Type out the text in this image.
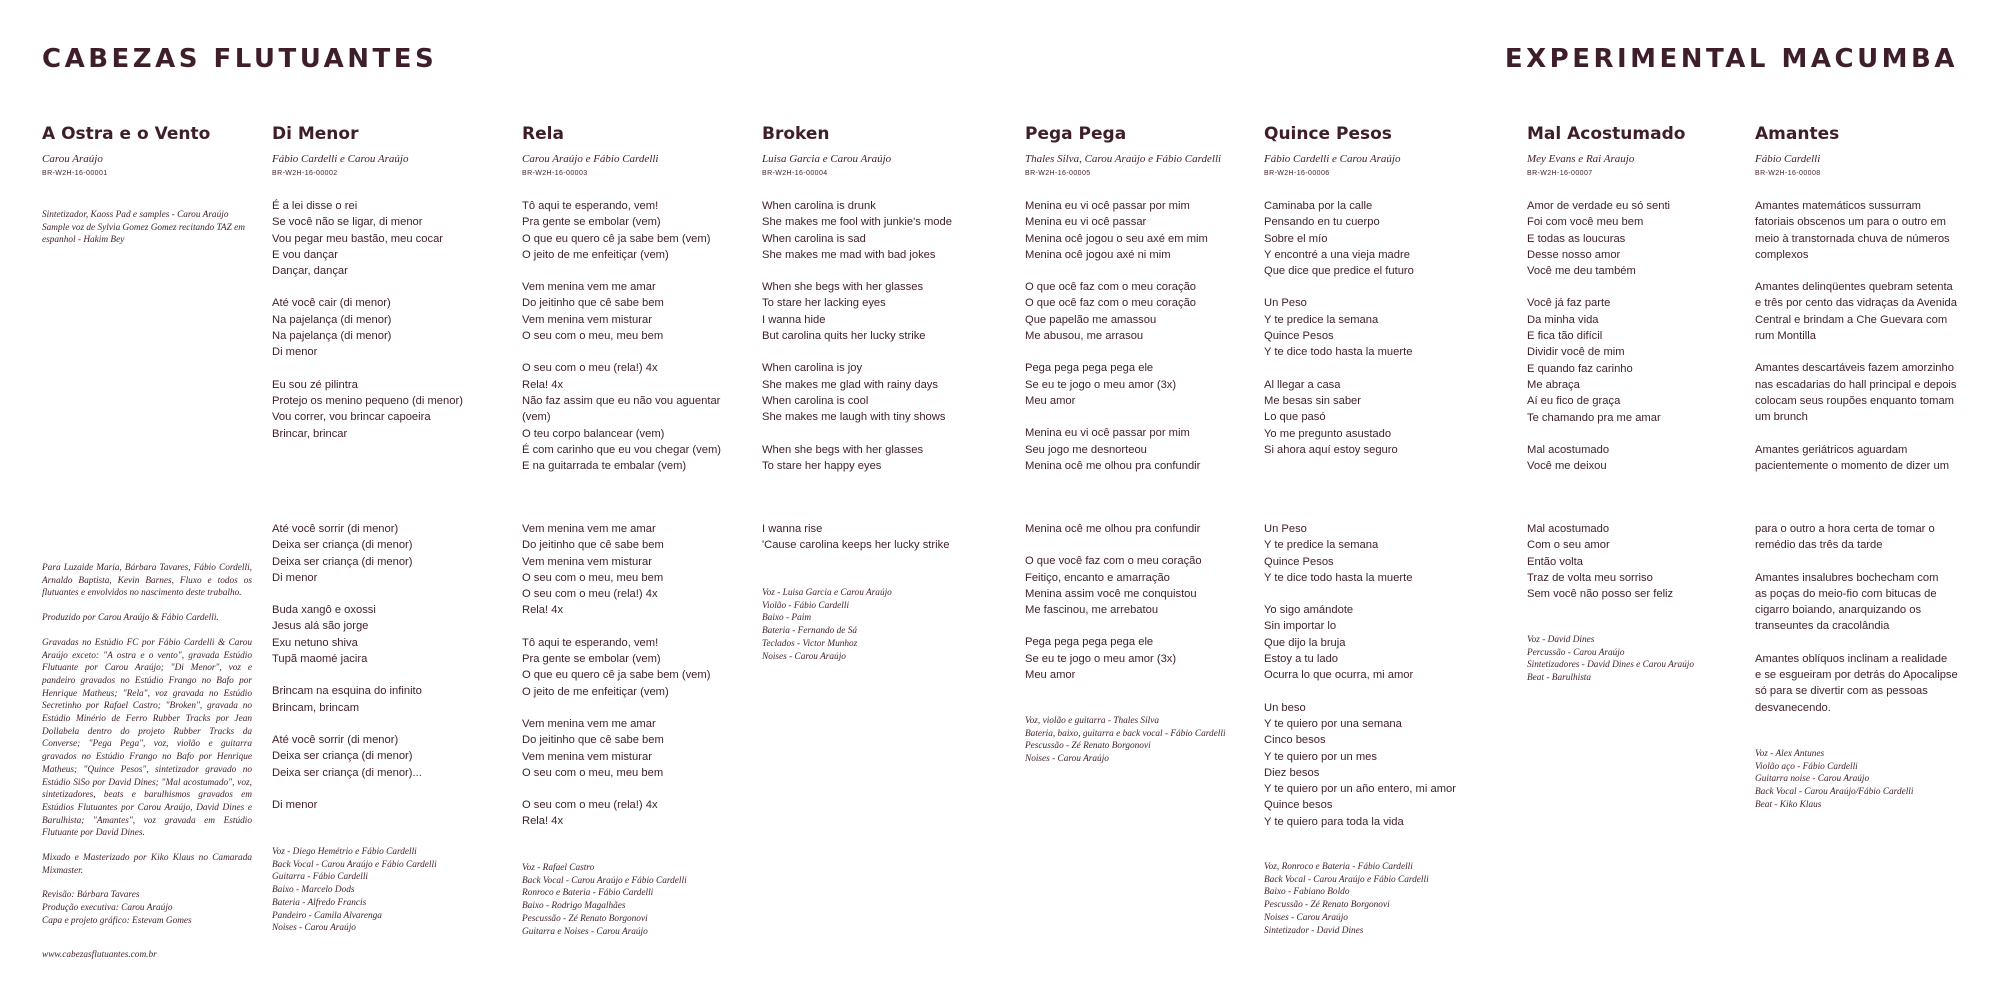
CABEZAS FLUTUANTES	EXPERIMENTAL MACUMBA
A Ostra e o Vento
Carou Araújo
BR-W2H-16-00001
Sintetizador, Kaoss Pad e samples - Carou Araújo Sample voz de Sylvia Gomez Gomez recitando TAZ em espanhol - Hakim Bey

Para Luzaide Maria, Bárbara Tavares, Fábio Cordelli, Arnaldo Baptista, Kevin Barnes, Fluxo e todos os flutuantes e envolvidos no nascimento deste trabalho.

Produzido por Carou Araújo & Fábio Cardelli.

Gravadas no Estúdio FC por Fábio Cardelli & Carou Araújo exceto: "A ostra e o vento", gravada Estúdio Flutuante por Carou Araújo; "Di Menor", voz e pandeiro gravados no Estúdio Frango no Bafo por Henrique Matheus; "Rela", voz gravada no Estúdio Secretinho por Rafael Castro; "Broken", gravada no Estúdio Minério de Ferro Rubber Tracks por Jean Dollabela dentro do projeto Rubber Tracks da Converse; "Pega Pega", voz, violão e guitarra gravados no Estúdio Frango no Bafo por Henrique Matheus; "Quince Pesos", sintetizador gravado no Estúdio SiSo por David Dines; "Mal acostumado", voz, sintetizadores, beats e barulhismos gravados em Estúdios Flutuantes por Carou Araújo, David Dines e Barulhista; "Amantes", voz gravada em Estúdio Flutuante por David Dines.

Mixado e Masterizado por Kiko Klaus no Camarada Mixmaster.

Revisão: Bárbara Tavares
Produção executiva: Carou Araújo
Capa e projeto gráfico: Estevam Gomes

www.cabezasflutuantes.com.br
Di Menor
Fábio Cardelli e Carou Araújo
BR-W2H-16-00002
É a lei disse o rei
Se você não se ligar, di menor
Vou pegar meu bastão, meu cocar
E vou dançar
Dançar, dançar
Até você cair (di menor)
Na pajelança (di menor)
Na pajelança (di menor)
Di menor
Eu sou zé pilintra
Protejo os menino pequeno (di menor)
Vou correr, vou brincar capoeira
Brincar, brincar
Até você sorrir (di menor)
Deixa ser criança (di menor)
Deixa ser criança (di menor)
Di menor
Buda xangô e oxossi
Jesus alá são jorge
Exu netuno shiva
Tupã maomé jacira
Brincam na esquina do infinito
Brincam, brincam
Até você sorrir (di menor)
Deixa ser criança (di menor)
Deixa ser criança (di menor)...
Di menor
Voz - Diego Hemétrio e Fábio Cardelli
Back Vocal - Carou Araújo e Fábio Cardelli
Guitarra - Fábio Cardelli
Baixo - Marcelo Dods
Bateria - Alfredo Francis
Pandeiro - Camila Alvarenga
Noises - Carou Araújo
Rela
Carou Araújo e Fábio Cardelli
BR-W2H-16-00003
Tô aqui te esperando, vem!
Pra gente se embolar (vem)
O que eu quero cê ja sabe bem (vem)
O jeito de me enfeitiçar (vem)
Vem menina vem me amar
Do jeitinho que cê sabe bem
Vem menina vem misturar
O seu com o meu, meu bem
O seu com o meu (rela!) 4x
Rela! 4x
Não faz assim que eu não vou aguentar
(vem)
O teu corpo balancear (vem)
É com carinho que eu vou chegar (vem)
E na guitarrada te embalar (vem)
Vem menina vem me amar
Do jeitinho que cê sabe bem
Vem menina vem misturar
O seu com o meu, meu bem
O seu com o meu (rela!) 4x
Rela! 4x
Tô aqui te esperando, vem!
Pra gente se embolar (vem)
O que eu quero cê ja sabe bem (vem)
O jeito de me enfeitiçar (vem)
Vem menina vem me amar
Do jeitinho que cê sabe bem
Vem menina vem misturar
O seu com o meu, meu bem
O seu com o meu (rela!) 4x
Rela! 4x
Voz - Rafael Castro
Back Vocal - Carou Araújo e Fábio Cardelli
Ronroco e Bateria - Fábio Cardelli
Baixo - Rodrigo Magalhães
Pescussão - Zé Renato Borgonovi
Guitarra e Noises - Carou Araújo
Broken
Luisa Garcia e Carou Araújo
BR-W2H-16-00004
When carolina is drunk
She makes me fool with junkie's mode
When carolina is sad
She makes me mad with bad jokes
When she begs with her glasses
To stare her lacking eyes
I wanna hide
But carolina quits her lucky strike
When carolina is joy
She makes me glad with rainy days
When carolina is cool
She makes me laugh with tiny shows
When she begs with her glasses
To stare her happy eyes
I wanna rise
'Cause carolina keeps her lucky strike
Voz - Luisa Garcia e Carou Araújo
Violão - Fábio Cardelli
Baixo - Paim
Bateria - Fernando de Sá
Teclados - Victor Munhoz
Noises - Carou Araújo
Pega Pega
Thales Silva, Carou Araújo e Fábio Cardelli
BR-W2H-16-00005
Menina eu vi ocê passar por mim
Menina eu vi ocê passar
Menina ocê jogou o seu axé em mim
Menina ocê jogou axé ni mim
O que ocê faz com o meu coração
O que ocê faz com o meu coração
Que papelão me amassou
Me abusou, me arrasou
Pega pega pega pega ele
Se eu te jogo o meu amor (3x)
Meu amor
Menina eu vi ocê passar por mim
Seu jogo me desnorteou
Menina ocê me olhou pra confundir
Menina ocê me olhou pra confundir
O que você faz com o meu coração
Feitiço, encanto e amarração
Menina assim você me conquistou
Me fascinou, me arrebatou
Pega pega pega pega ele
Se eu te jogo o meu amor (3x)
Meu amor
Voz, violão e guitarra - Thales Silva
Bateria, baixo, guitarra e back vocal - Fábio Cardelli
Pescussão - Zé Renato Borgonovi
Noises - Carou Araújo
Quince Pesos
Fábio Cardelli e Carou Araújo
BR-W2H-16-00006
Caminaba por la calle
Pensando en tu cuerpo
Sobre el mío
Y encontré a una vieja madre
Que dice que predice el futuro
Un Peso
Y te predice la semana
Quince Pesos
Y te dice todo hasta la muerte
Al llegar a casa
Me besas sin saber
Lo que pasó
Yo me pregunto asustado
Si ahora aquí estoy seguro
Un Peso
Y te predice la semana
Quince Pesos
Y te dice todo hasta la muerte
Yo sigo amándote
Sin importar lo
Que dijo la bruja
Estoy a tu lado
Ocurra lo que ocurra, mi amor
Un beso
Y te quiero por una semana
Cinco besos
Y te quiero por un mes
Diez besos
Y te quiero por un año entero, mi amor
Quince besos
Y te quiero para toda la vida
Voz, Ronroco e Bateria - Fábio Cardelli
Back Vocal - Carou Araújo e Fábio Cardelli
Baixo - Fabiano Boldo
Pescussão - Zé Renato Borgonovi
Noises - Carou Araújo
Sintetizador - David Dines
Mal Acostumado
Mey Evans e Rai Araujo
BR-W2H-16-00007
Amor de verdade eu só senti
Foi com você meu bem
E todas as loucuras
Desse nosso amor
Você me deu também
Você já faz parte
Da minha vida
E fica tão difícil
Dividir você de mim
E quando faz carinho
Me abraça
Aí eu fico de graça
Te chamando pra me amar
Mal acostumado
Você me deixou
Mal acostumado
Com o seu amor
Então volta
Traz de volta meu sorriso
Sem você não posso ser feliz
Voz - David Dines
Percussão - Carou Araújo
Sintetizadores - David Dines e Carou Araújo
Beat - Barulhista
Amantes
Fábio Cardelli
BR-W2H-16-00008
Amantes matemáticos sussurram
fatoriais obscenos um para o outro em
meio à transtornada chuva de números
complexos
Amantes delinqüentes quebram setenta
e três por cento das vidraças da Avenida
Central e brindam a Che Guevara com
rum Montilla
Amantes descartáveis fazem amorzinho
nas escadarias do hall principal e depois
colocam seus roupões enquanto tomam
um brunch
Amantes geriátricos aguardam
pacientemente o momento de dizer um
para o outro a hora certa de tomar o
remédio das três da tarde
Amantes insalubres bochecham com
as poças do meio-fio com bitucas de
cigarro boiando, anarquizando os
transeuntes da cracolândia
Amantes oblíquos inclinam a realidade
e se esgueiram por detrás do Apocalipse
só para se divertir com as pessoas
desvanecendo.
Voz - Alex Antunes
Violão aço - Fábio Cardelli
Guitarra noise - Carou Araújo
Back Vocal - Carou Araújo/Fábio Cardelli
Beat - Kiko Klaus
